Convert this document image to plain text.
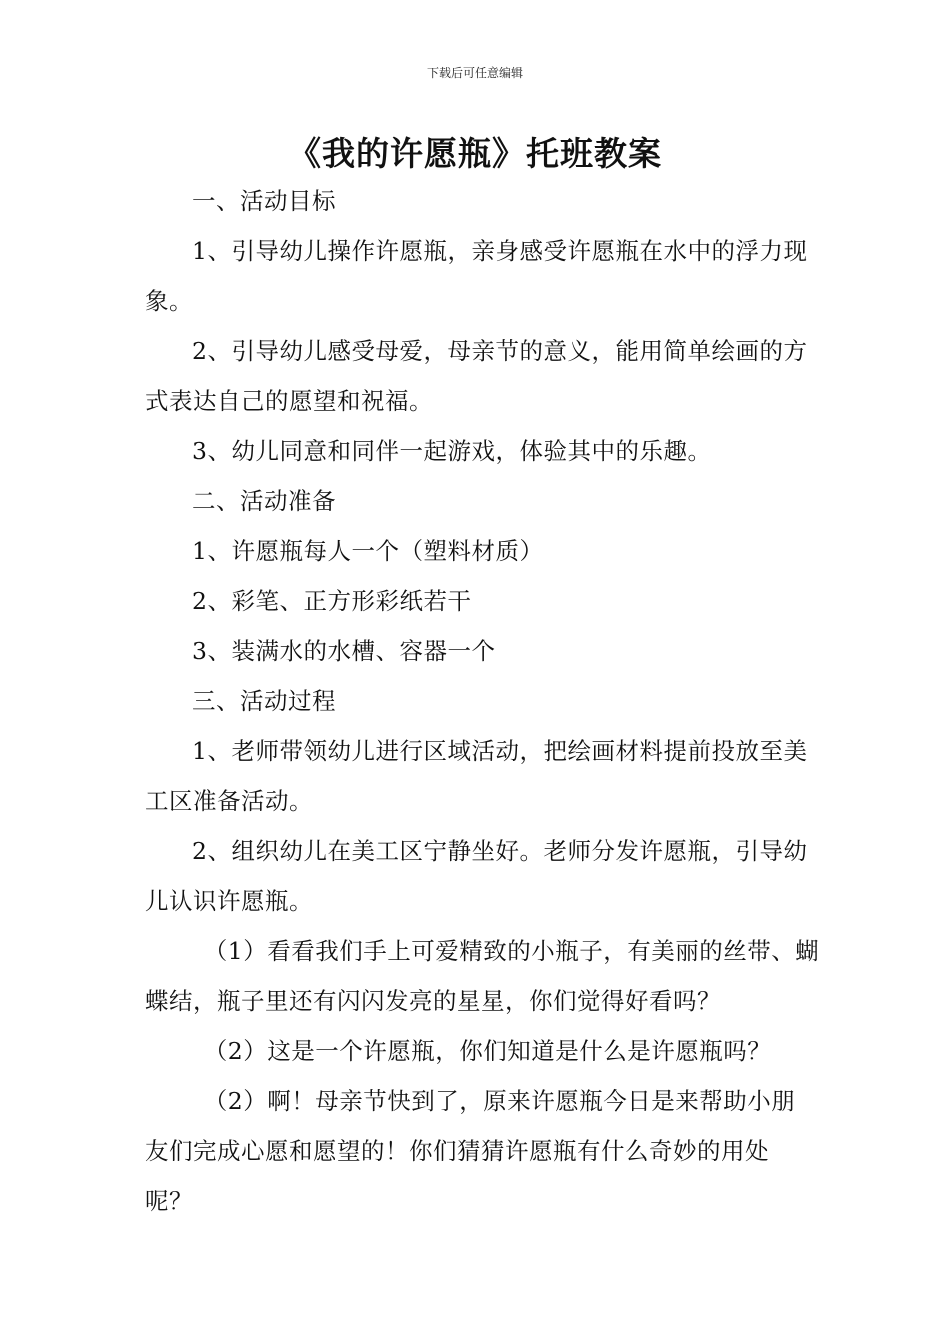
下载后可任意编辑
《我的许愿瓶》托班教案

一、活动目标

1、引导幼儿操作许愿瓶，亲身感受许愿瓶在水中的浮力现象。

2、引导幼儿感受母爱，母亲节的意义，能用简单绘画的方式表达自己的愿望和祝福。

3、幼儿同意和同伴一起游戏，体验其中的乐趣。

二、活动准备

1、许愿瓶每人一个（塑料材质）

2、彩笔、正方形彩纸若干

3、装满水的水槽、容器一个

三、活动过程

1、老师带领幼儿进行区域活动，把绘画材料提前投放至美工区准备活动。

2、组织幼儿在美工区宁静坐好。老师分发许愿瓶，引导幼儿认识许愿瓶。

（1）看看我们手上可爱精致的小瓶子，有美丽的丝带、蝴蝶结，瓶子里还有闪闪发亮的星星，你们觉得好看吗？

（2）这是一个许愿瓶，你们知道是什么是许愿瓶吗？

（2）啊！母亲节快到了，原来许愿瓶今日是来帮助小朋友们完成心愿和愿望的！你们猜猜许愿瓶有什么奇妙的用处呢？
